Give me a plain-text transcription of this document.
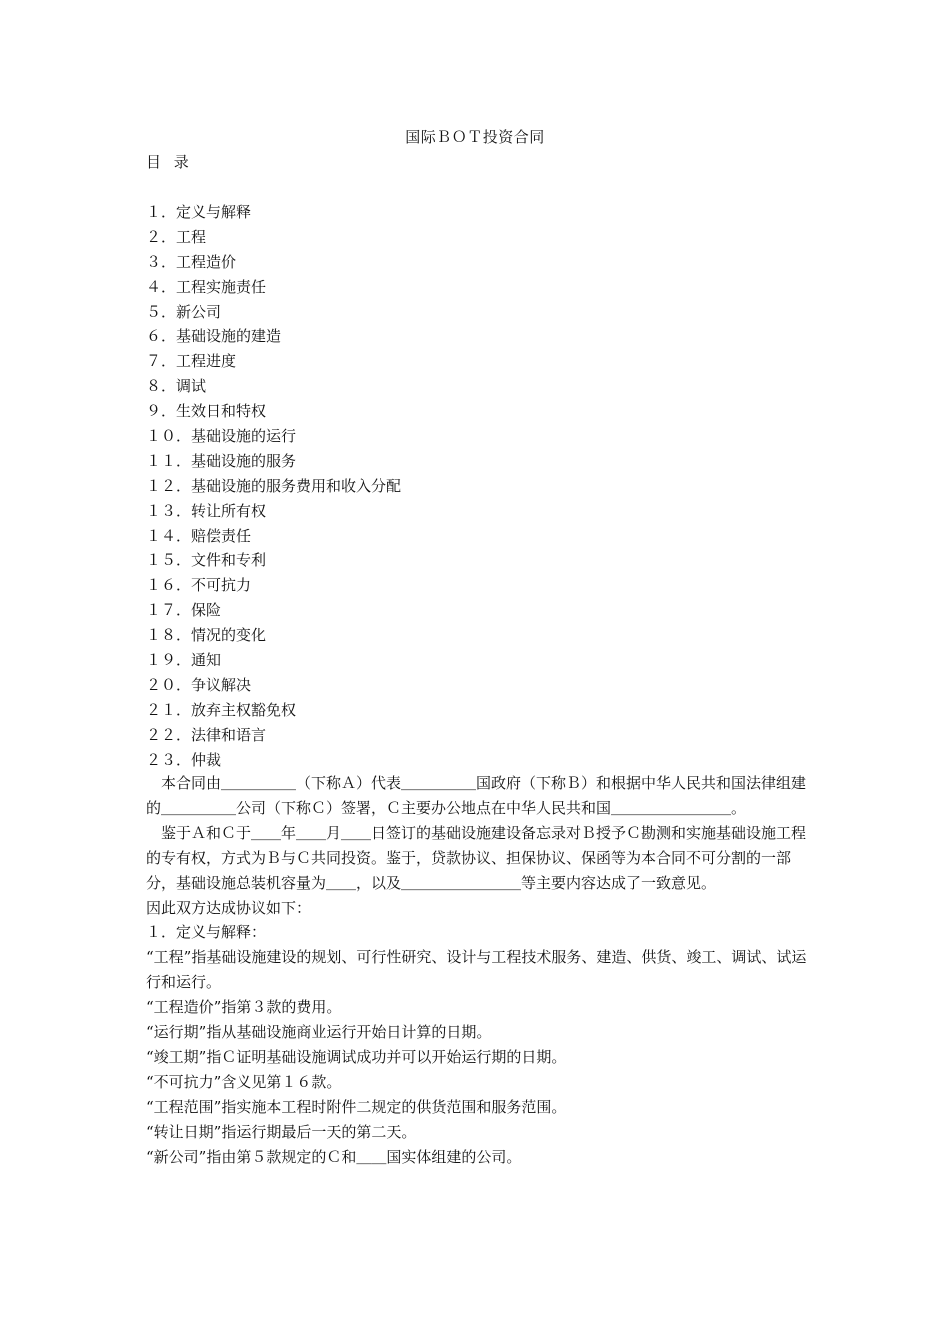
国际ＢＯＴ投资合同
目 录
１．定义与解释
２．工程
３．工程造价
４．工程实施责任
５．新公司
６．基础设施的建造
７．工程进度
８．调试
９．生效日和特权
１０．基础设施的运行
１１．基础设施的服务
１２．基础设施的服务费用和收入分配
１３．转让所有权
１４．赔偿责任
１５．文件和专利
１６．不可抗力
１７．保险
１８．情况的变化
１９．通知
２０．争议解决
２１．放弃主权豁免权
２２．法律和语言
２３．仲裁

本合同由＿＿＿＿＿（下称Ａ）代表＿＿＿＿＿国政府（下称Ｂ）和根据中华人民共和国法律组建的＿＿＿＿＿公司（下称Ｃ）签署，Ｃ主要办公地点在中华人民共和国＿＿＿＿＿＿＿＿。

鉴于Ａ和Ｃ于＿＿年＿＿月＿＿日签订的基础设施建设备忘录对Ｂ授予Ｃ勘测和实施基础设施工程的专有权，方式为Ｂ与Ｃ共同投资。鉴于，贷款协议、担保协议、保函等为本合同不可分割的一部分，基础设施总装机容量为＿＿，以及＿＿＿＿＿＿＿＿等主要内容达成了一致意见。

因此双方达成协议如下：

１．定义与解释：

“工程”指基础设施建设的规划、可行性研究、设计与工程技术服务、建造、供货、竣工、调试、试运行和运行。

“工程造价”指第３款的费用。

“运行期”指从基础设施商业运行开始日计算的日期。

“竣工期”指Ｃ证明基础设施调试成功并可以开始运行期的日期。

“不可抗力”含义见第１６款。

“工程范围”指实施本工程时附件二规定的供货范围和服务范围。

“转让日期”指运行期最后一天的第二天。

“新公司”指由第５款规定的Ｃ和＿＿国实体组建的公司。
